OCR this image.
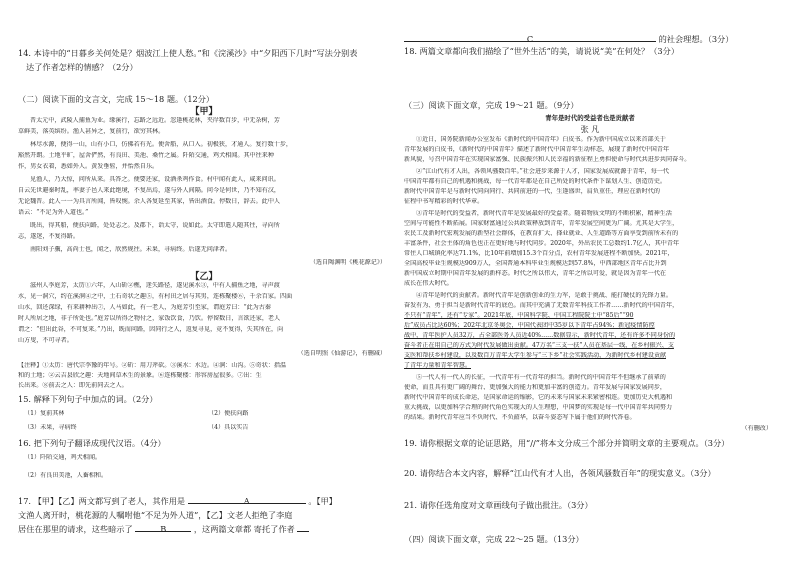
14. 本诗中的“日暮乡关何处是？烟波江上使人愁。”和《浣溪沙》中“夕阳西下几时”写法分别表
达了作者怎样的情感？（2分）
（二）阅读下面的文言文，完成 15～18 题。（12分）
【甲】
晋太元中，武陵人捕鱼为业。缘溪行，忘路之远近。忽逢桃花林，夹岸数百步，中无杂树，芳
草鲜美，落英缤纷。渔人甚异之，复前行，欲穷其林。
林尽水源，便得一山，山有小口，仿佛若有光。便舍船，从口入。初极狭，才通人。复行数十步，
豁然开朗。土地平旷，屋舍俨然，有良田、美池、桑竹之属。阡陌交通，鸡犬相闻。其中往来种
作，男女衣着，悉如外人。黄发垂髫，并怡然自乐。
见渔人，乃大惊，问所从来。具答之。便要还家，设酒杀鸡作食。村中闻有此人，咸来问讯。
自云先世避秦时乱，率妻子邑人来此绝境，不复出焉，遂与外人间隔。问今是何世，乃不知有汉，
无论魏晋。此人一一为具言所闻，皆叹惋。余人各复延至其家，皆出酒食。停数日，辞去。此中人
语云：“不足为外人道也。”
既出，得其船，便扶向路，处处志之。及郡下，诣太守，说如此。太守即遣人随其往，寻向所
志，遂迷，不复得路。
南阳刘子骥，高尚士也，闻之，欣然规往。未果，寻病终。后遂无问津者。
（选自陶渊明《桃花源记》）
【乙】
滋州人李庭芳，太历①六年，入山斫②樵，迷失路径，遂见溪水③，中有人捕鱼之地，寻声渡
水，见一洞穴，约在溪涧④之中，土石奇状之趣⑤，有村田之居与其男，连栋聚楼⑥，千余百家。四面
山水，回还深绿，有来耕种出⑦，人马如此，有一老人，为庭芳引至家，谓庭芳曰：“此为古秦
时人所居之地，非子所处也。”庭芳以所得之物付之，家饭饮食，乃饮。停留数日，言欲还家，老人
谓之：“但出此谷，不可复来。”乃出，既而问路，因同行之人，返复寻觅，竟不复得，失其所在，向
山方叟，不可寻者。
（选自明照《仙游记》，有删减）
【注释】①太历：唐代宗李豫的年号。②斫：用刀斧砍。③溪水：水边。④涧：山沟。⑤奇状：指温
和的土地；②云吉县欣之趣：天地间草木生的景象。⑥连栋聚楼：形容房屋很多。⑦出：生
长出来。⑧前去之人：即先前同去之人。
15. 解释下列句子中加点的词。（2分）
（1）复前其林	（2）便扶向路
（3）未果，寻病终	（4）具以实告
16. 把下列句子翻译成现代汉语。（4分）
（1）阡陌交通，鸡犬相闻。
（2）有良田美池，人畜相和。
17. 【甲】【乙】两文都写到了老人，其作用是	A	。【甲】
文渔人离开时，桃花源的人嘱咐他“不足为外人道”，【乙】文老人拒绝了李庭
居住在那里的请求，这些暗示了	B	，这两篇文章都 寄托了作者
C	的社会理想。（3分）
18. 两篇文章都向我们描绘了“世外生活”的美，请说说“美”在何处？（3分）
（三）阅读下面文章，完成 19～21 题。（9分）
青年是时代的受益者也是贡献者
张 凡
①近日，国务院新闻办公室发布《新时代的中国青年》白皮书。作为新中国成立以来首部关于
青年发展的白皮书，《新时代的中国青年》描述了新时代中国青年生动样态，展现了新时代中国青年
新风貌，号召中国青年在实现国家富强、民族振兴和人民幸福的新征程上勇担使命与时代共进步共同奋斗。
②“江山代有才人出，各领风骚数百年。”社会进步来源于人才，国家发展成就源于青年，每一代
中国青年都有自己的机遇和挑战，每一代青年都是在自己所处的时代条件下谋划人生、创造历史。
新时代中国青年是与新时代同向同行、共同前进的一代，生逢盛世，肩负重任，理应在新时代的
征程中书写精彩的时代华章。
③青年是时代的受益者，新时代青年是发展最好的受益者。随着物质文明的不断积累，精神生活
空间与可能性不断拓展。国家财富通过公共政策释放到青年，青年发展空间更为广阔。尤其是大学生，
农民工及新时代宏观发展的新型社会群体，在教育扩大、择业就业、人生道路等方面享受到前所未有的
丰富条件，社会主体的角色也正在更好地与时代同步。2020年，外出农民工总数约1.7亿人，其中青年
常住人口城镇化率达71.1%，比10年前增加15.3个百分点，农村青年发展进程不断加快。2021年，
全国高校毕业生规模达909万人，全国普通本科毕业生规模达到57.8%，中西部地区青年占比升到
新中国成立时期中国青年发展的新样态。时代之所以伟大，青年之所以可爱，就是因为青年一代在
成长在伟大时代。
④青年是时代的贡献者。新时代青年是创新创业的生力军，是敢于挑战、能打硬仗的先锋力量。
奋发有为、勇于担当是新时代青年的底色。而其中充满了无数青年科技工作者……新时代的中国青年，
不只有“青年”，还有“专家”。2021年底，中国科学院、中国工程院院士中“85后”“90
后”成员占比达60%；202年北京冬奥会，中国代表团中35岁以下青年占94%；新冠疫情防控
战中，青年医护人员32万，占全部医务人员近40%……数据显示，新时代青年，还有许多不同身份的
奋斗者正在用自己的方式为时代发展做出贡献。47万名“三支一扶”人员在基层一线，在乡村振兴、支
支医和帮扶乡村建设，以及数百万青年大学生参与“三下乡”社会实践活动，为新时代乡村建设贡献
了青年力量和青年智慧。
⑤一代人有一代人的长征，一代青年有一代青年的担当。新时代的中国青年不但继承了前辈的
使命，而且具有更广阔的舞台、更加强大的能力和更加丰富的创造力。青年发展与国家发展同步，
新时代中国青年的成长命运，是国家命运的缩影，它的未来与国家未来紧密相连。更加历史大机遇和
重大挑战，以更加科学合理的时代角色实现大的人生理想，中国梦的实现是每一代中国青年共同努力
的结果。新时代青年应当不负时代、不负韶华，以奋斗姿态写下属于他们的时代答卷。
（有删改）
19. 请你根据文章的论证思路，用“//”将本文分成三个部分并简明文章的主要观点。（3分）
20. 请你结合本文内容，解释“江山代有才人出，各领风骚数百年”的现实意义。（3分）
21. 请你任选角度对文章画线句子做出批注。（3分）
（四）阅读下面文章，完成 22～25 题。（13分）
